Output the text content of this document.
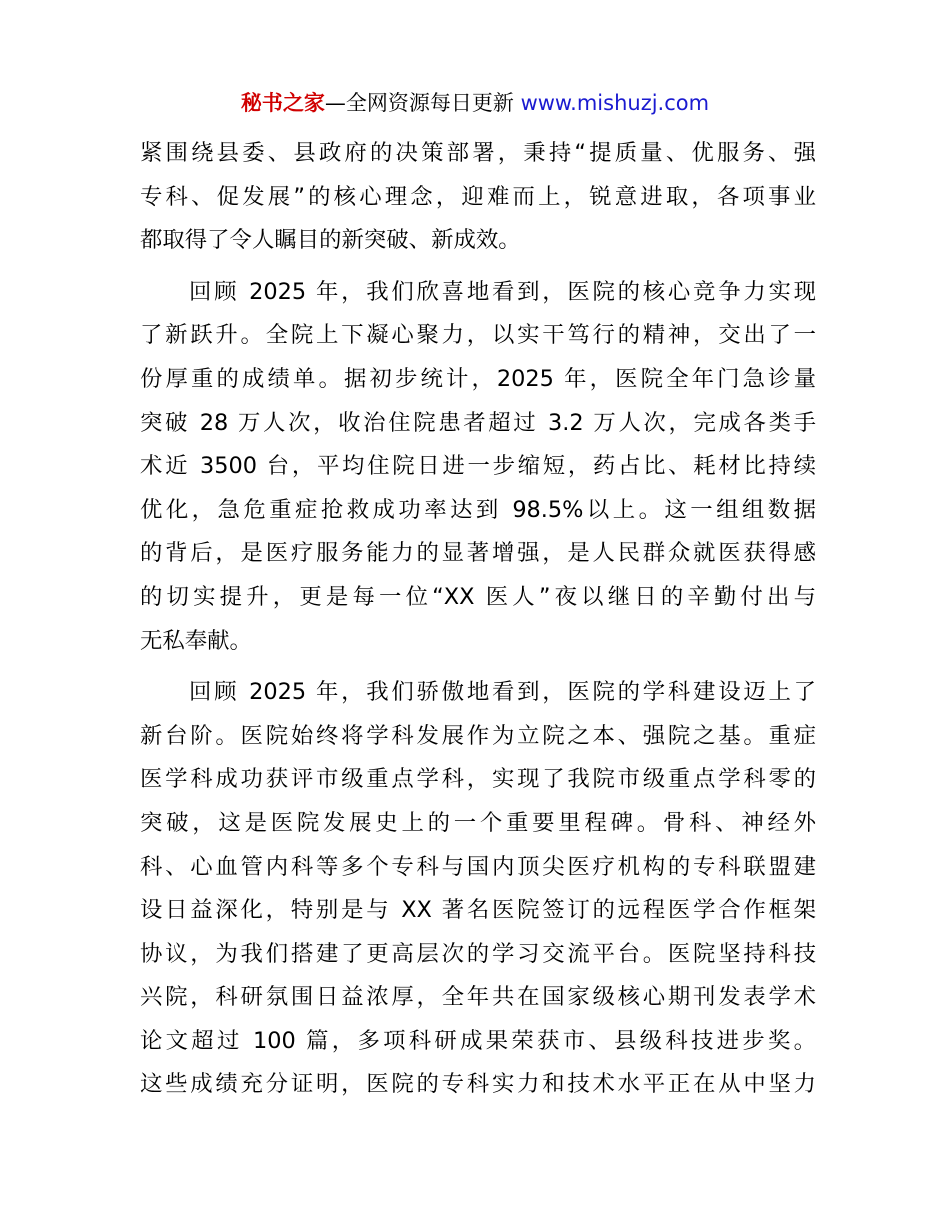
秘书之家—全网资源每日更新 www.mishuzj.com
紧围绕县委、县政府的决策部署，秉持“提质量、优服务、强
专科、促发展”的核心理念，迎难而上，锐意进取，各项事业
都取得了令人瞩目的新突破、新成效。
回顾 2025 年，我们欣喜地看到，医院的核心竞争力实现
了新跃升。全院上下凝心聚力，以实干笃行的精神，交出了一
份厚重的成绩单。据初步统计，2025 年，医院全年门急诊量
突破 28 万人次，收治住院患者超过 3.2 万人次，完成各类手
术近 3500 台，平均住院日进一步缩短，药占比、耗材比持续
优化，急危重症抢救成功率达到 98.5%以上。这一组组数据
的背后，是医疗服务能力的显著增强，是人民群众就医获得感
的切实提升，更是每一位“XX 医人”夜以继日的辛勤付出与
无私奉献。
回顾 2025 年，我们骄傲地看到，医院的学科建设迈上了
新台阶。医院始终将学科发展作为立院之本、强院之基。重症
医学科成功获评市级重点学科，实现了我院市级重点学科零的
突破，这是医院发展史上的一个重要里程碑。骨科、神经外
科、心血管内科等多个专科与国内顶尖医疗机构的专科联盟建
设日益深化，特别是与 XX 著名医院签订的远程医学合作框架
协议，为我们搭建了更高层次的学习交流平台。医院坚持科技
兴院，科研氛围日益浓厚，全年共在国家级核心期刊发表学术
论文超过 100 篇，多项科研成果荣获市、县级科技进步奖。
这些成绩充分证明，医院的专科实力和技术水平正在从中坚力
